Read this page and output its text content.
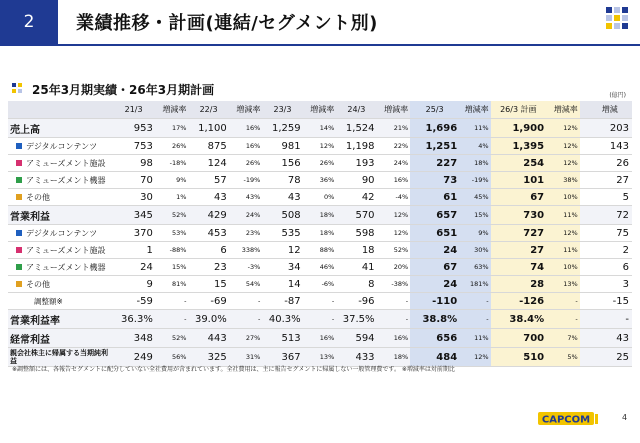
2	業績推移・計画(連結/セグメント別)
25年3月期実績・26年3月期計画	(億円)
	21/3	増減率	22/3	増減率	23/3	増減率	24/3	増減率	25/3	増減率	26/3 計画	増減率		増減
売上高	953	17%	1,100	16%	1,259	14%	1,524	21%	1,696	11%	1,900	12%		203
デジタルコンテンツ	753	26%	875	16%	981	12%	1,198	22%	1,251	4%	1,395	12%		143
アミューズメント施設	98	-18%	124	26%	156	26%	193	24%	227	18%	254	12%		26
アミューズメント機器	70	9%	57	-19%	78	36%	90	16%	73	-19%	101	38%		27
その他	30	1%	43	43%	43	0%	42	-4%	61	45%	67	10%		5
営業利益	345	52%	429	24%	508	18%	570	12%	657	15%	730	11%		72
デジタルコンテンツ	370	53%	453	23%	535	18%	598	12%	651	9%	727	12%		75
アミューズメント施設	1	-88%	6	338%	12	88%	18	52%	24	30%	27	11%		2
アミューズメント機器	24	15%	23	-3%	34	46%	41	20%	67	63%	74	10%		6
その他	9	81%	15	54%	14	-6%	8	-38%	24	181%	28	13%		3
調整額※	-59	-	-69	-	-87	-	-96	-	-110	-	-126	-		-15
営業利益率	36.3%	-	39.0%	-	40.3%	-	37.5%	-	38.8%	-	38.4%	-		-
経常利益	348	52%	443	27%	513	16%	594	16%	656	11%	700	7%		43

親会社株主に帰属する当期純利益	249	56%	325	31%	367	13%	433	18%	484	12%	510	5%		25
※調整額には、各報告セグメントに配分していない全社費用が含まれています。全社費用は、主に報告セグメントに帰属しない一般管理費です。 ※増減率は対前期比
CAPCOM	4
